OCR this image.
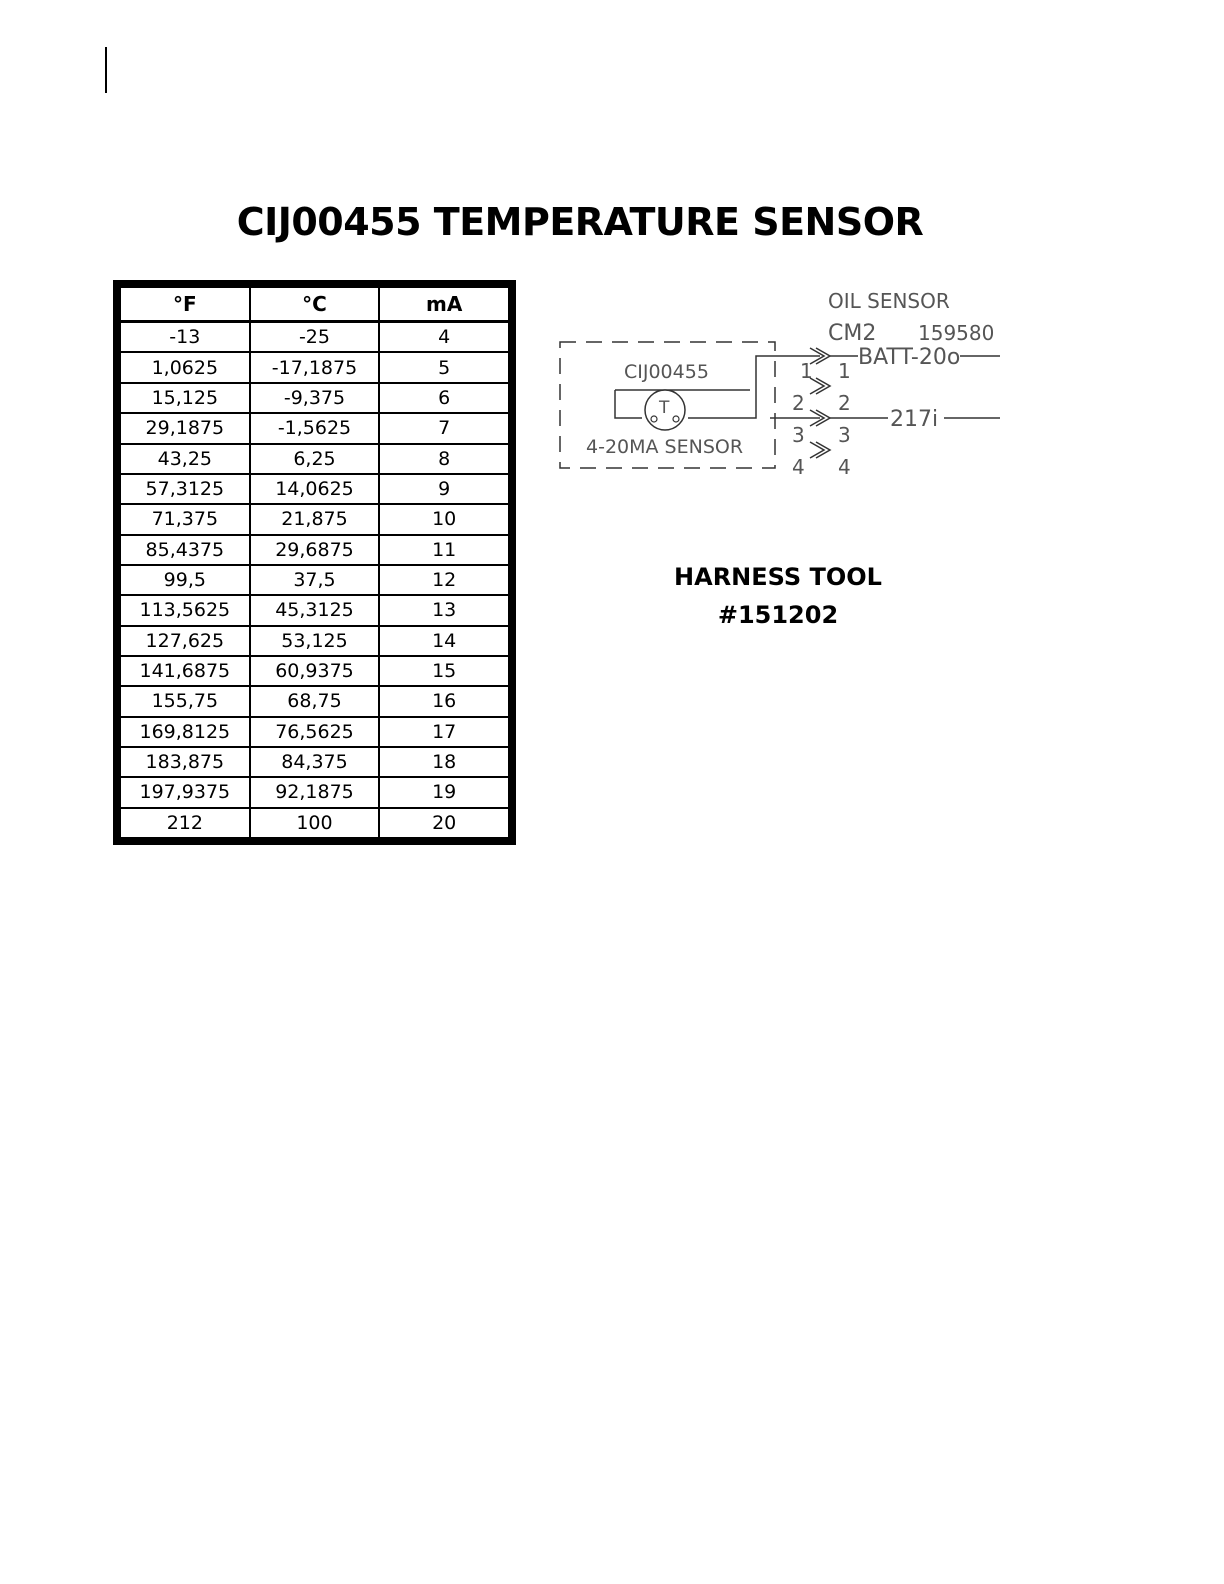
CIJ00455 TEMPERATURE SENSOR
°F	°C	mA
-13	-25	4
1,0625	-17,1875	5
15,125	-9,375	6
29,1875	-1,5625	7
43,25	6,25	8
57,3125	14,0625	9
71,375	21,875	10
85,4375	29,6875	11
99,5	37,5	12
113,5625	45,3125	13
127,625	53,125	14
141,6875	60,9375	15
155,75	68,75	16
169,8125	76,5625	17
183,875	84,375	18
197,9375	92,1875	19
212	100	20
OIL SENSOR
CM2 159580
CIJ00455
T
4-20MA SENSOR
1
2
3
4
1
2
3
4
BATT-20o
217i
HARNESS TOOL
#151202
